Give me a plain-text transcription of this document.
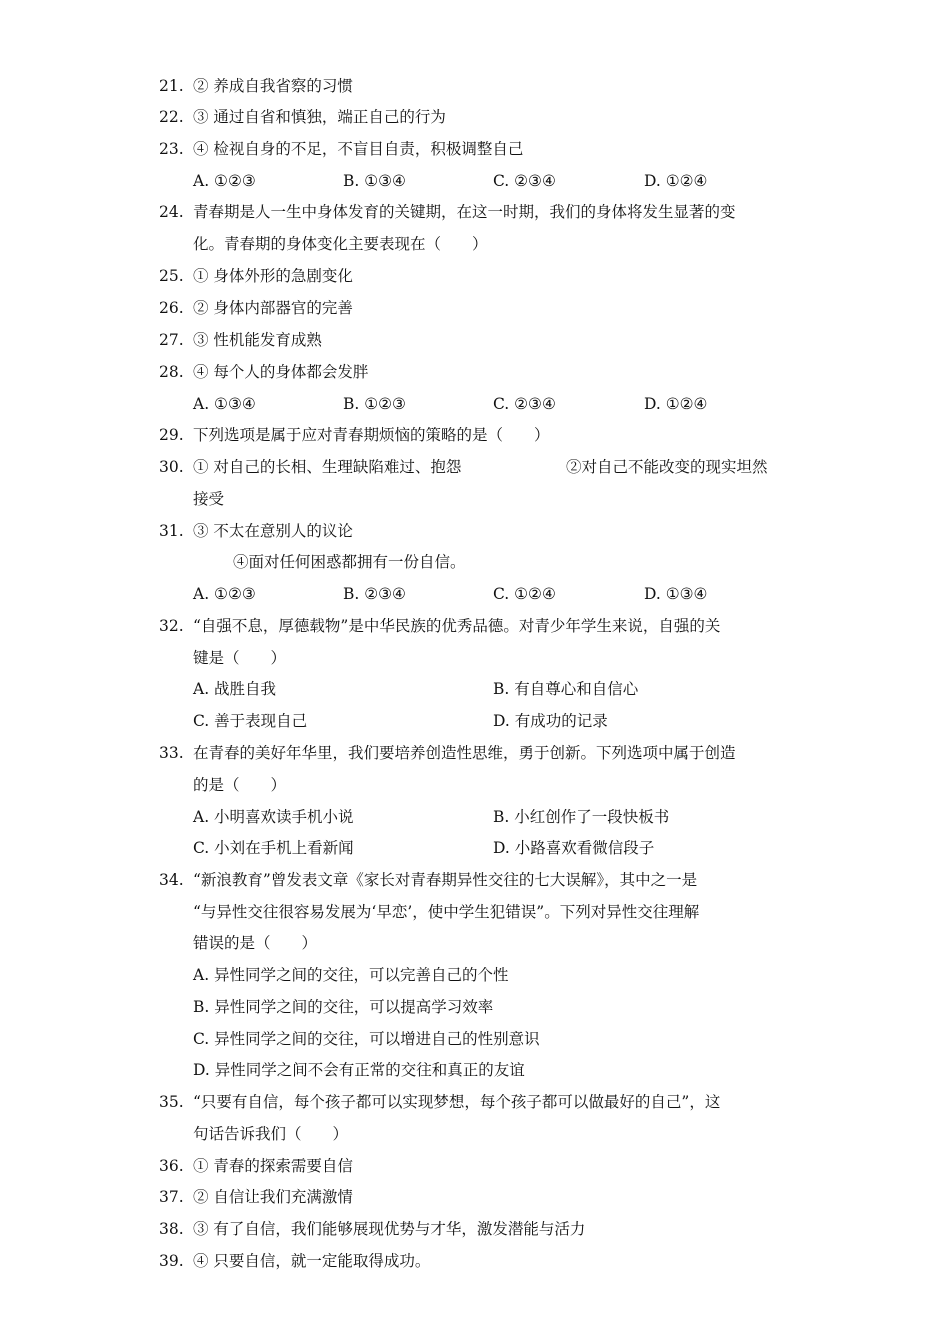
21. ② 养成自我省察的习惯
22. ③ 通过自省和慎独，端正自己的行为
23. ④ 检视自身的不足，不盲目自责，积极调整自己
A. ①②③	B. ①③④	C. ②③④	D. ①②④
24. 青春期是人一生中身体发育的关键期，在这一时期，我们的身体将发生显著的变
化。青春期的身体变化主要表现在（　　）
25. ① 身体外形的急剧变化
26. ② 身体内部器官的完善
27. ③ 性机能发育成熟
28. ④ 每个人的身体都会发胖
A. ①③④	B. ①②③	C. ②③④	D. ①②④
29. 下列选项是属于应对青春期烦恼的策略的是（　　）
30. ① 对自己的长相、生理缺陷难过、抱怨	②对自己不能改变的现实坦然
接受
31. ③ 不太在意别人的议论
④面对任何困惑都拥有一份自信。
A. ①②③	B. ②③④	C. ①②④	D. ①③④
32. “自强不息，厚德载物”是中华民族的优秀品德。对青少年学生来说，自强的关
键是（　　）
A. 战胜自我	B. 有自尊心和自信心
C. 善于表现自己	D. 有成功的记录
33. 在青春的美好年华里，我们要培养创造性思维，勇于创新。下列选项中属于创造
的是（　　）
A. 小明喜欢读手机小说	B. 小红创作了一段快板书
C. 小刘在手机上看新闻	D. 小路喜欢看微信段子
34. “新浪教育”曾发表文章《家长对青春期异性交往的七大误解》，其中之一是
“与异性交往很容易发展为‘早恋’，使中学生犯错误”。下列对异性交往理解
错误的是（　　）
A. 异性同学之间的交往，可以完善自己的个性
B. 异性同学之间的交往，可以提高学习效率
C. 异性同学之间的交往，可以增进自己的性别意识
D. 异性同学之间不会有正常的交往和真正的友谊
35. “只要有自信，每个孩子都可以实现梦想，每个孩子都可以做最好的自己”，这
句话告诉我们（　　）
36. ① 青春的探索需要自信
37. ② 自信让我们充满激情
38. ③ 有了自信，我们能够展现优势与才华，激发潜能与活力
39. ④ 只要自信，就一定能取得成功。
